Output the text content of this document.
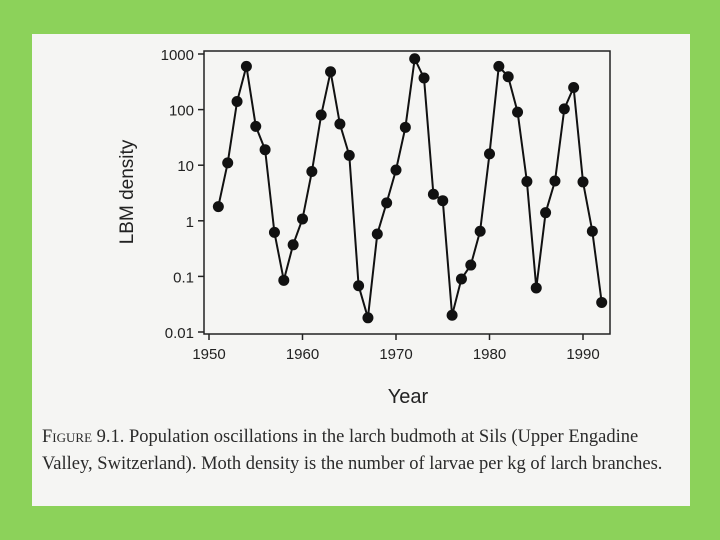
0.01
0.1
1
10
100
1000
1950	1960	1970	1980	1990
LBM density
Year

Figure 9.1. Population oscillations in the larch budmoth at Sils (Upper Engadine Valley, Switzerland). Moth density is the number of larvae per kg of larch branches.
